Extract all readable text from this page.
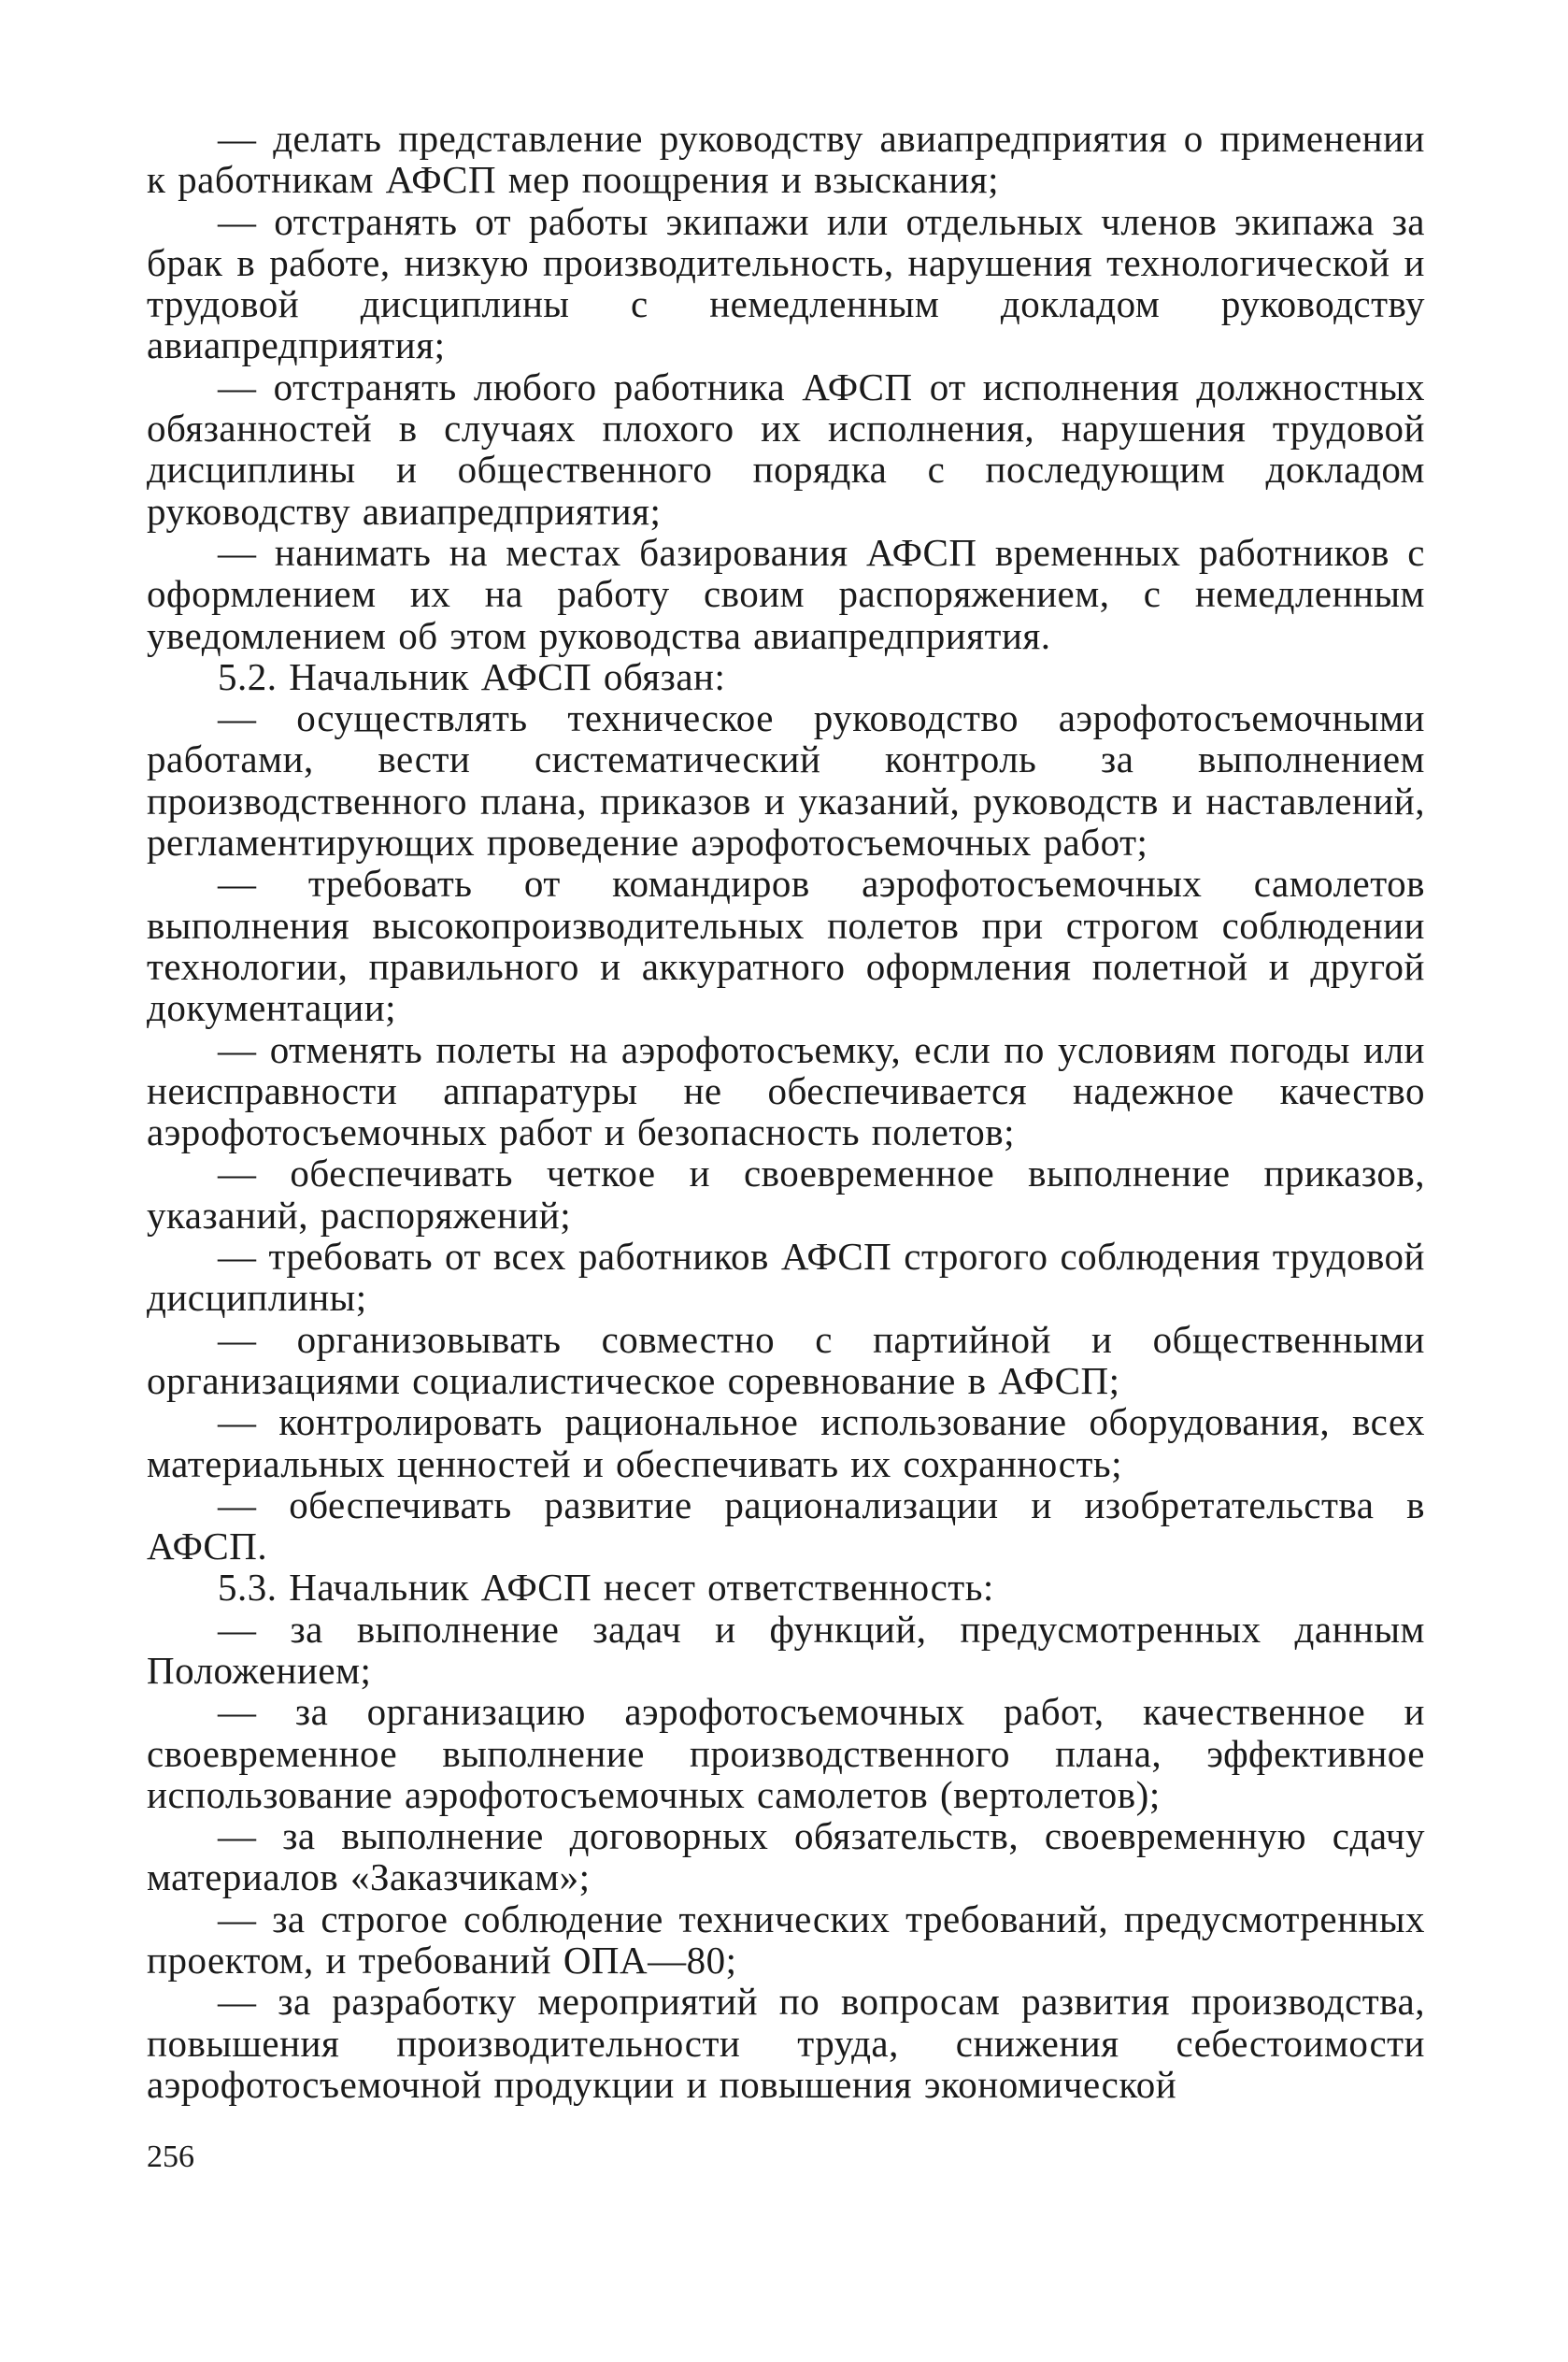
— делать представление руководству авиапредприятия о применении к работникам АФСП мер поощрения и взыскания;

— отстранять от работы экипажи или отдельных членов экипажа за брак в работе, низкую производительность, нарушения технологической и трудовой дисциплины с немедленным докладом руководству авиапредприятия;

— отстранять любого работника АФСП от исполнения должностных обязанностей в случаях плохого их исполнения, нарушения трудовой дисциплины и общественного порядка с последующим докладом руководству авиапредприятия;

— нанимать на местах базирования АФСП временных работников с оформлением их на работу своим распоряжением, с немедленным уведомлением об этом руководства авиапредприятия.

5.2. Начальник АФСП обязан:

— осуществлять техническое руководство аэрофотосъемочными работами, вести систематический контроль за выполнением производственного плана, приказов и указаний, руководств и наставлений, регламентирующих проведение аэрофотосъемочных работ;

— требовать от командиров аэрофотосъемочных самолетов выполнения высокопроизводительных полетов при строгом соблюдении технологии, правильного и аккуратного оформления полетной и другой документации;

— отменять полеты на аэрофотосъемку, если по условиям погоды или неисправности аппаратуры не обеспечивается надежное качество аэрофотосъемочных работ и безопасность полетов;

— обеспечивать четкое и своевременное выполнение приказов, указаний, распоряжений;

— требовать от всех работников АФСП строгого соблюдения трудовой дисциплины;

— организовывать совместно с партийной и общественными организациями социалистическое соревнование в АФСП;

— контролировать рациональное использование оборудования, всех материальных ценностей и обеспечивать их сохранность;

— обеспечивать развитие рационализации и изобретательства в АФСП.

5.3. Начальник АФСП несет ответственность:

— за выполнение задач и функций, предусмотренных данным Положением;

— за организацию аэрофотосъемочных работ, качественное и своевременное выполнение производственного плана, эффективное использование аэрофотосъемочных самолетов (вертолетов);

— за выполнение договорных обязательств, своевременную сдачу материалов «Заказчикам»;

— за строгое соблюдение технических требований, предусмотренных проектом, и требований ОПА—80;

— за разработку мероприятий по вопросам развития производства, повышения производительности труда, снижения себестоимости аэрофотосъемочной продукции и повышения экономической

256
